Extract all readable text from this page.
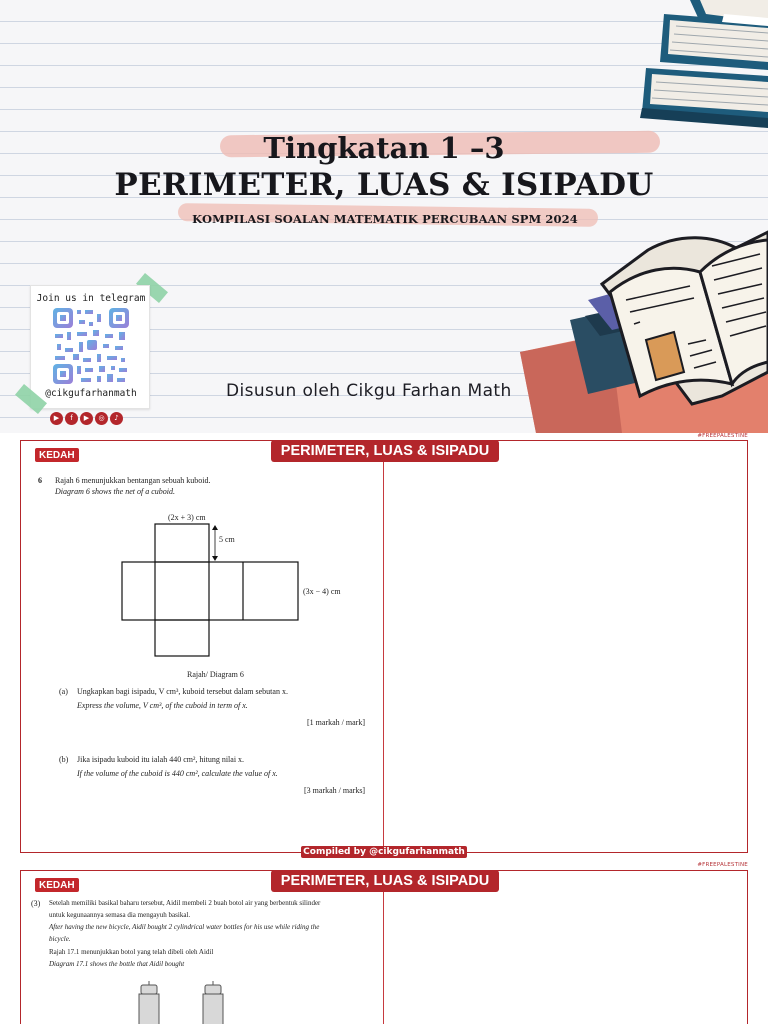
Tingkatan 1 –3
PERIMETER, LUAS & ISIPADU
KOMPILASI SOALAN MATEMATIK PERCUBAAN SPM 2024
Join us in telegram
@cikgufarhanmath
▶	f	▶	◎	♪
Disusun oleh Cikgu Farhan Math
#FREEPALESTINE
PERIMETER, LUAS & ISIPADU
KEDAH
6 Rajah 6 menunjukkan bentangan sebuah kuboid.
Diagram 6 shows the net of a cuboid.
(2x + 3) cm
5 cm
(3x − 4) cm
Rajah/ Diagram 6
(a) Ungkapkan bagi isipadu, V cm³, kuboid tersebut dalam sebutan x.
Express the volume, V cm³, of the cuboid in term of x.
[1 markah / mark]
(b) Jika isipadu kuboid itu ialah 440 cm², hitung nilai x.
If the volume of the cuboid is 440 cm², calculate the value of x.
[3 markah / marks]
Compiled by @cikgufarhanmath
#FREEPALESTINE
PERIMETER, LUAS & ISIPADU
KEDAH
(3) Setelah memiliki basikal baharu tersebut, Aidil membeli 2 buah botol air yang berbentuk silinder
untuk kegunaannya semasa dia mengayuh basikal.
After having the new bicycle, Aidil bought 2 cylindrical water bottles for his use while riding the
bicycle.
Rajah 17.1 menunjukkan botol yang telah dibeli oleh Aidil
Diagram 17.1 shows the bottle that Aidil bought
